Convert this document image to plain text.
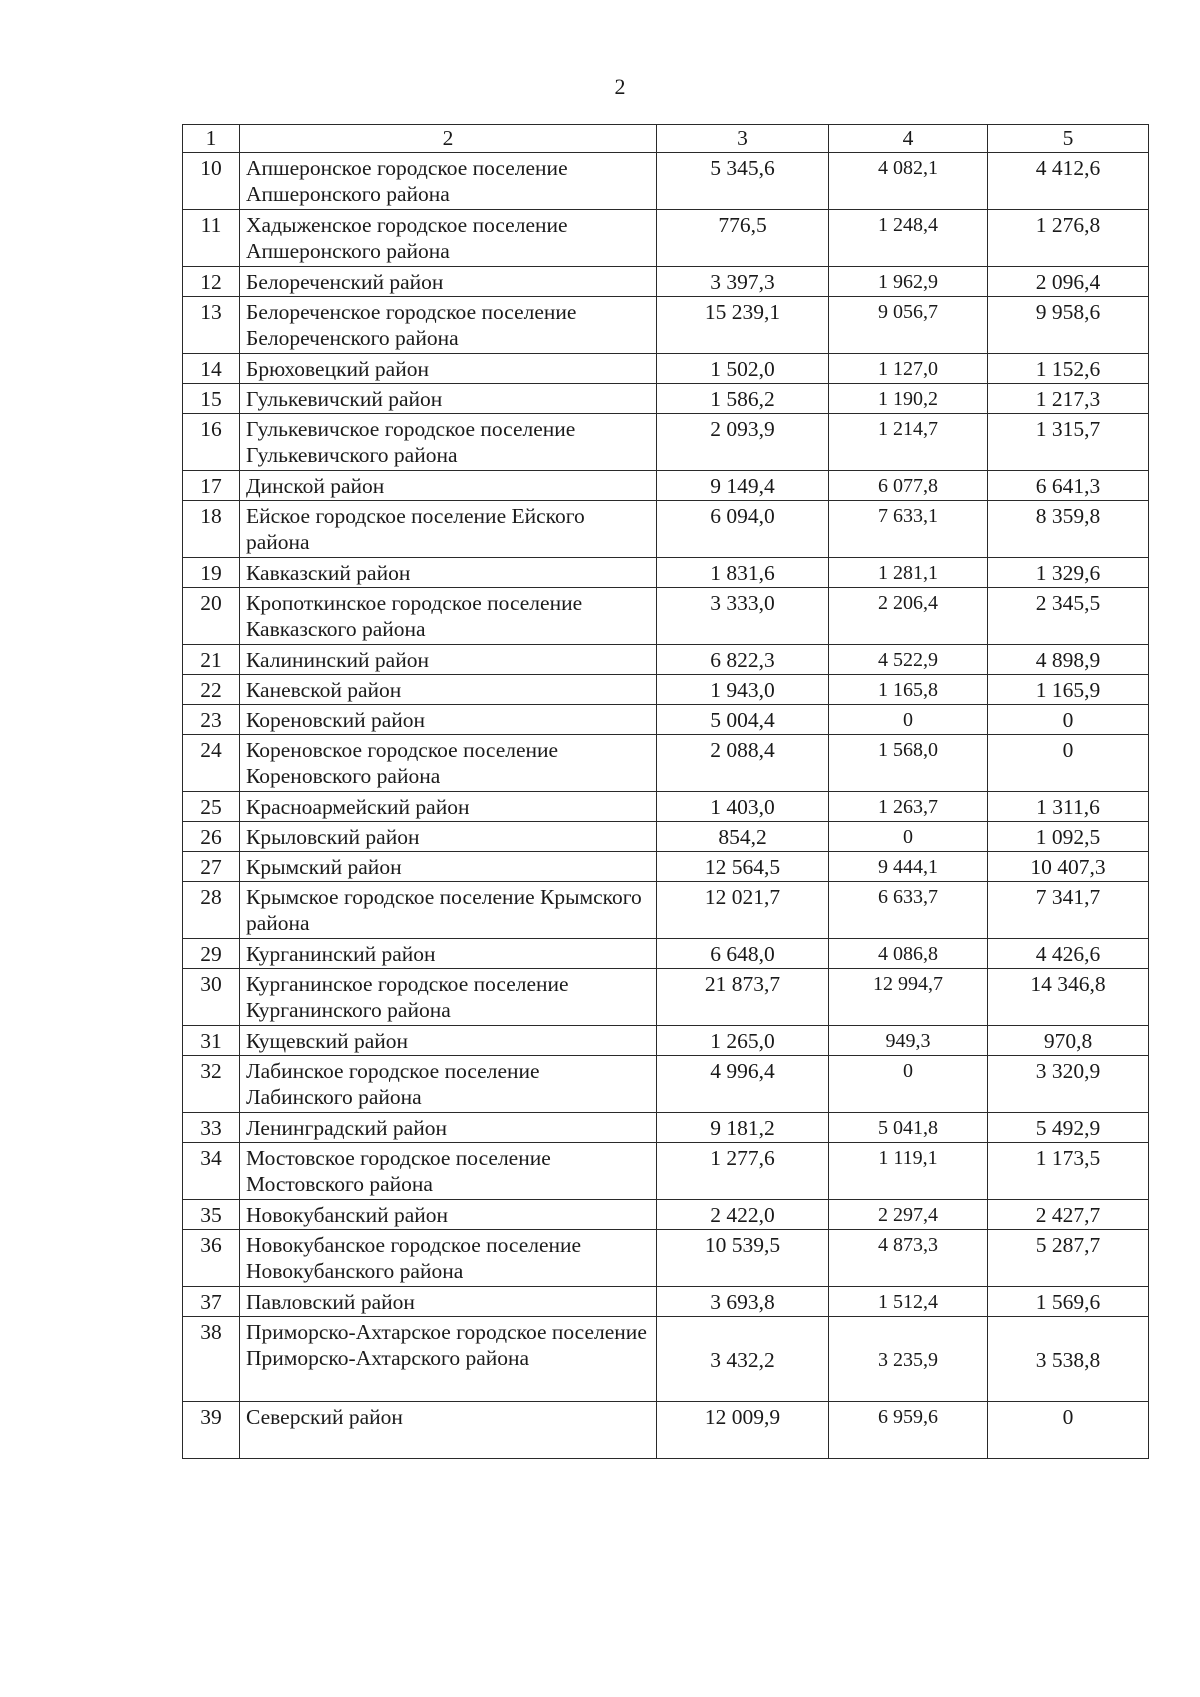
2
1	2	3	4	5
10	Апшеронское городское поселение Апшеронского района	5 345,6	4 082,1	4 412,6
11	Хадыженское городское поселение Апшеронского района	776,5	1 248,4	1 276,8
12	Белореченский район	3 397,3	1 962,9	2 096,4
13	Белореченское городское поселение Белореченского района	15 239,1	9 056,7	9 958,6
14	Брюховецкий район	1 502,0	1 127,0	1 152,6
15	Гулькевичский район	1 586,2	1 190,2	1 217,3
16	Гулькевичское городское поселение Гулькевичского района	2 093,9	1 214,7	1 315,7
17	Динской район	9 149,4	6 077,8	6 641,3
18	Ейское городское поселение Ейского района	6 094,0	7 633,1	8 359,8
19	Кавказский район	1 831,6	1 281,1	1 329,6
20	Кропоткинское городское поселение Кавказского района	3 333,0	2 206,4	2 345,5
21	Калининский район	6 822,3	4 522,9	4 898,9
22	Каневской район	1 943,0	1 165,8	1 165,9
23	Кореновский район	5 004,4	0	0
24	Кореновское городское поселение Кореновского района	2 088,4	1 568,0	0
25	Красноармейский район	1 403,0	1 263,7	1 311,6
26	Крыловский район	854,2	0	1 092,5
27	Крымский район	12 564,5	9 444,1	10 407,3
28	Крымское городское поселение Крымского района	12 021,7	6 633,7	7 341,7
29	Курганинский район	6 648,0	4 086,8	4 426,6
30	Курганинское городское поселение Курганинского района	21 873,7	12 994,7	14 346,8
31	Кущевский район	1 265,0	949,3	970,8
32	Лабинское городское поселение Лабинского района	4 996,4	0	3 320,9
33	Ленинградский район	9 181,2	5 041,8	5 492,9
34	Мостовское городское поселение Мостовского района	1 277,6	1 119,1	1 173,5
35	Новокубанский район	2 422,0	2 297,4	2 427,7
36	Новокубанское городское поселение Новокубанского района	10 539,5	4 873,3	5 287,7
37	Павловский район	3 693,8	1 512,4	1 569,6
38	Приморско-Ахтарское городское поселение Приморско-Ахтарского района	3 432,2	3 235,9	3 538,8
39	Северский район	12 009,9	6 959,6	0
